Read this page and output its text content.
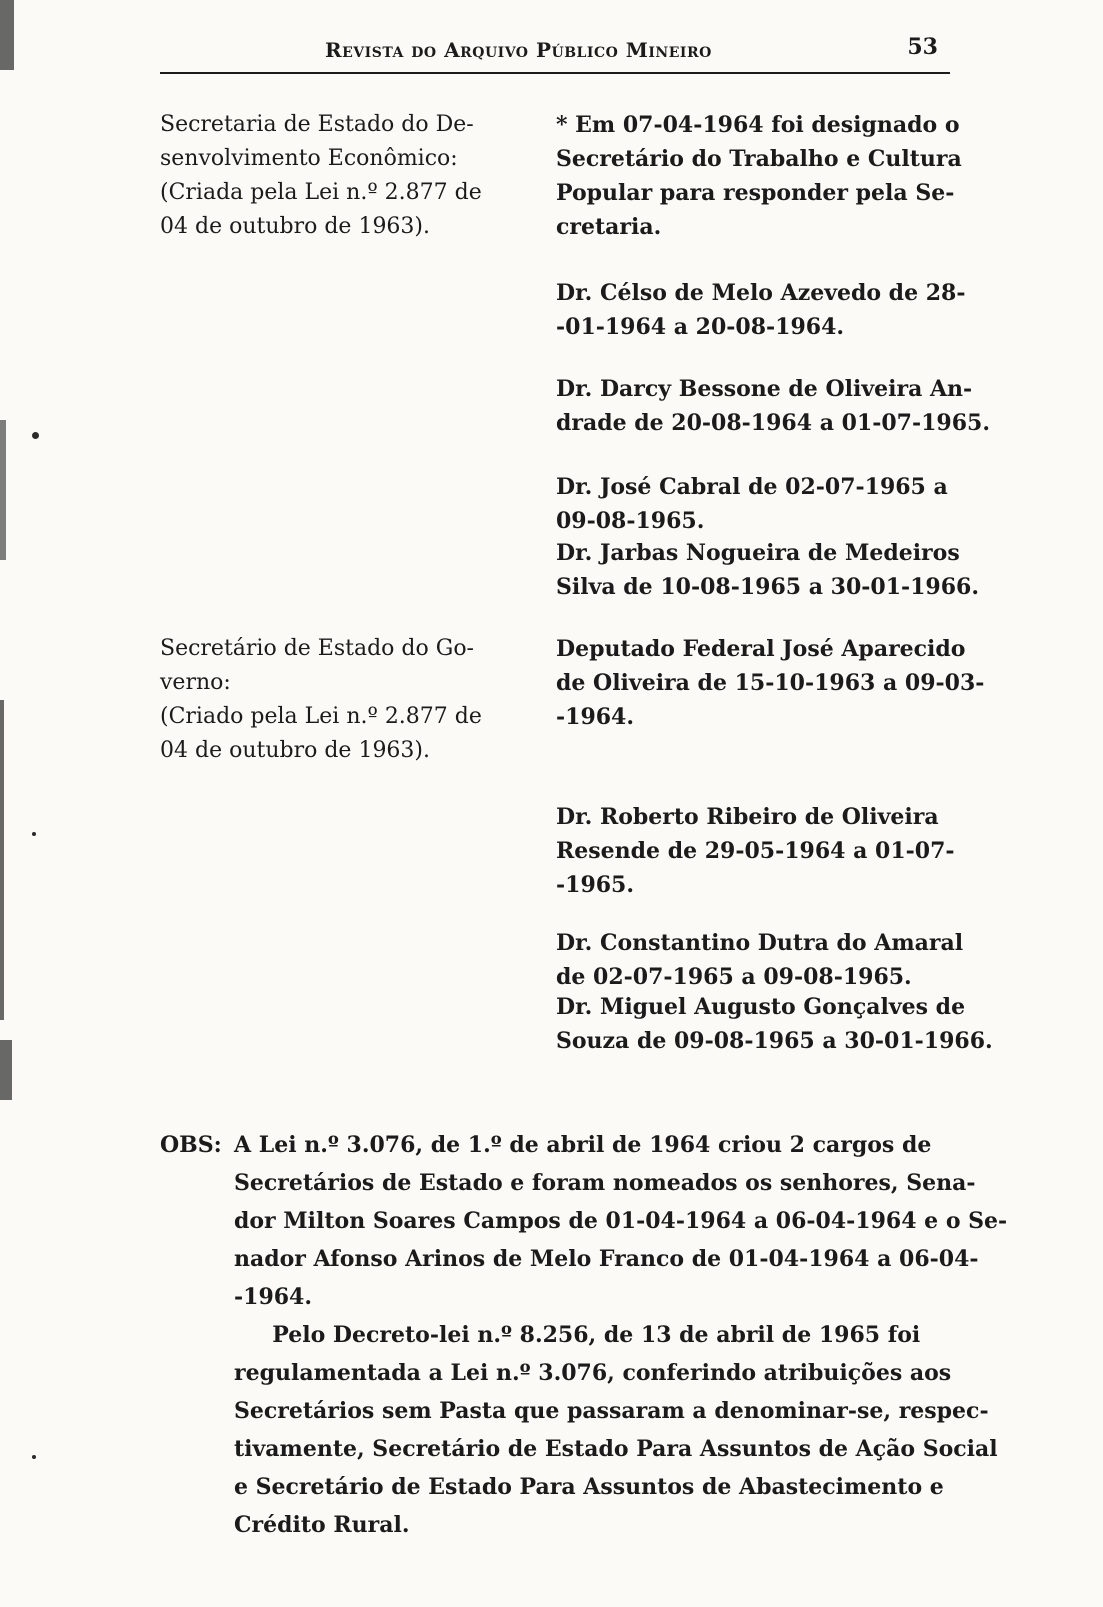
Revista do Arquivo Público Mineiro	53
Secretaria de Estado do De-
senvolvimento Econômico:
(Criada pela Lei n.º 2.877 de
04 de outubro de 1963).
Secretário de Estado do Go-
verno:
(Criado pela Lei n.º 2.877 de
04 de outubro de 1963).
* Em 07-04-1964 foi designado o
Secretário do Trabalho e Cultura
Popular para responder pela Se-
cretaria.
Dr. Célso de Melo Azevedo de 28-
-01-1964 a 20-08-1964.
Dr. Darcy Bessone de Oliveira An-
drade de 20-08-1964 a 01-07-1965.
Dr. José Cabral de 02-07-1965 a
09-08-1965.
Dr. Jarbas Nogueira de Medeiros
Silva de 10-08-1965 a 30-01-1966.
Deputado Federal José Aparecido
de Oliveira de 15-10-1963 a 09-03-
-1964.
Dr. Roberto Ribeiro de Oliveira
Resende de 29-05-1964 a 01-07-
-1965.
Dr. Constantino Dutra do Amaral
de 02-07-1965 a 09-08-1965.
Dr. Miguel Augusto Gonçalves de
Souza de 09-08-1965 a 30-01-1966.
OBS: A Lei n.º 3.076, de 1.º de abril de 1964 criou 2 cargos de
Secretários de Estado e foram nomeados os senhores, Sena-
dor Milton Soares Campos de 01-04-1964 a 06-04-1964 e o Se-
nador Afonso Arinos de Melo Franco de 01-04-1964 a 06-04-
-1964.
Pelo Decreto-lei n.º 8.256, de 13 de abril de 1965 foi
regulamentada a Lei n.º 3.076, conferindo atribuições aos
Secretários sem Pasta que passaram a denominar-se, respec-
tivamente, Secretário de Estado Para Assuntos de Ação Social
e Secretário de Estado Para Assuntos de Abastecimento e
Crédito Rural.
